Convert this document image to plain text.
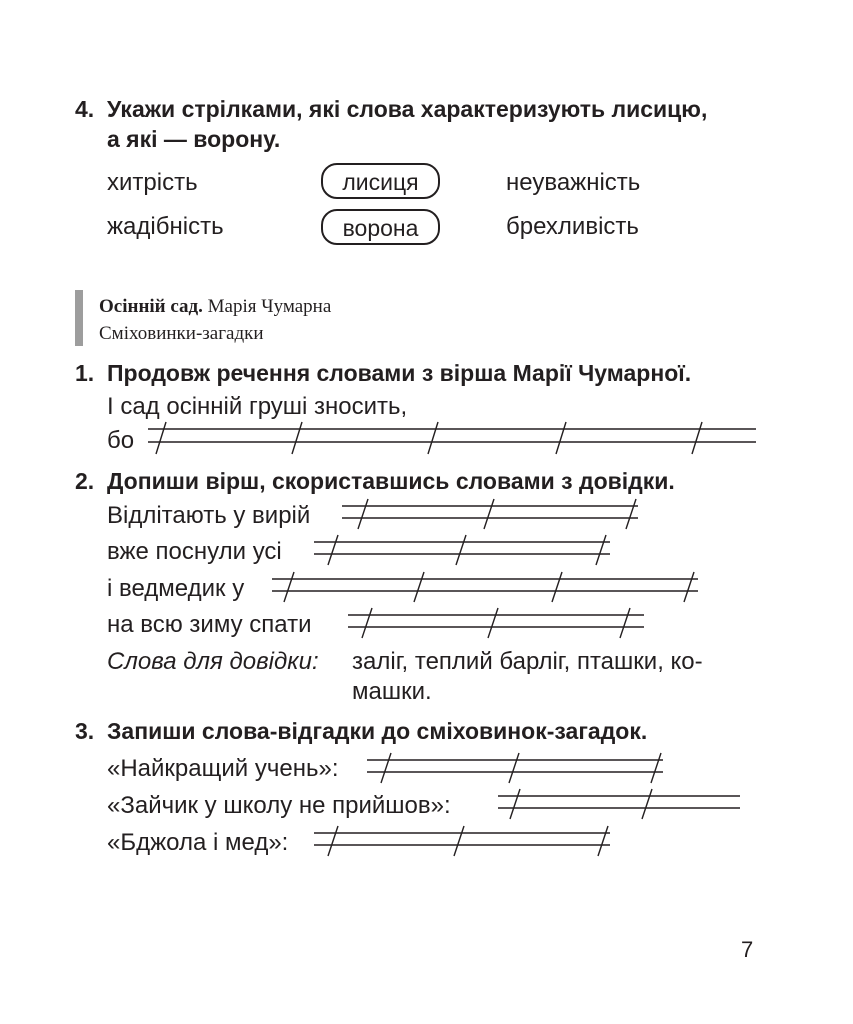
4. Укажи стрілками, які слова характеризують лисицю,
а які — ворону.
хитрість
жадібність
лисиця
ворона
неуважність
брехливість
Осінній сад. Марія Чумарна
Сміховинки-загадки
1. Продовж речення словами з вірша Марії Чумарної.
І сад осінній груші зносить,
бо
2. Допиши вірш, скориставшись словами з довідки.
Відлітають у вирій
вже поснули усі
і ведмедик у
на всю зиму спати
Слова для довідки: заліг, теплий барліг, пташки, ко-
машки.
3. Запиши слова-відгадки до сміховинок-загадок.
«Найкращий учень»:
«Зайчик у школу не прийшов»:
«Бджола і мед»:
7
